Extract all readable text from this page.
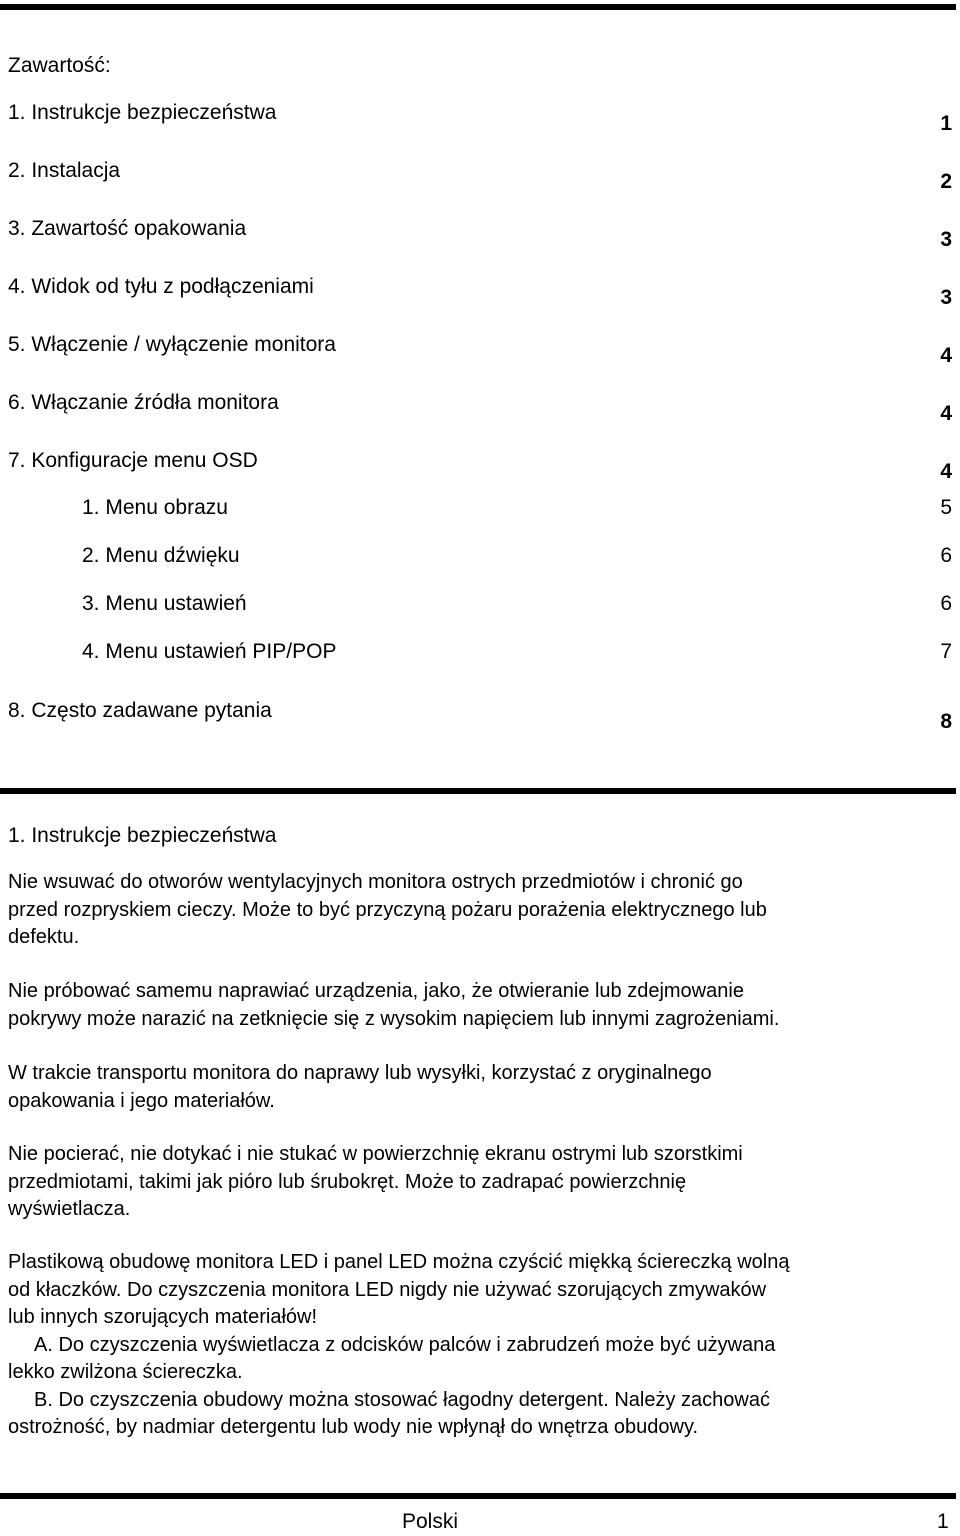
Zawartość:
1. Instrukcje bezpieczeństwa	1
2. Instalacja	2
3. Zawartość opakowania	3
4. Widok od tyłu z podłączeniami	3
5. Włączenie / wyłączenie monitora	4
6. Włączanie źródła monitora	4
7. Konfiguracje menu OSD	4
1. Menu obrazu	5
2. Menu dźwięku	6
3. Menu ustawień	6
4. Menu ustawień PIP/POP	7
8. Często zadawane pytania	8
1. Instrukcje bezpieczeństwa
Nie wsuwać do otworów wentylacyjnych monitora ostrych przedmiotów i chronić go
przed rozpryskiem cieczy. Może to być przyczyną pożaru porażenia elektrycznego lub
defektu.
Nie próbować samemu naprawiać urządzenia, jako, że otwieranie lub zdejmowanie
pokrywy może narazić na zetknięcie się z wysokim napięciem lub innymi zagrożeniami.
W trakcie transportu monitora do naprawy lub wysyłki, korzystać z oryginalnego
opakowania i jego materiałów.
Nie pocierać, nie dotykać i nie stukać w powierzchnię ekranu ostrymi lub szorstkimi
przedmiotami, takimi jak pióro lub śrubokręt. Może to zadrapać powierzchnię
wyświetlacza.
Plastikową obudowę monitora LED i panel LED można czyścić miękką ściereczką wolną
od kłaczków. Do czyszczenia monitora LED nigdy nie używać szorujących zmywaków
lub innych szorujących materiałów!
A. Do czyszczenia wyświetlacza z odcisków palców i zabrudzeń może być używana
lekko zwilżona ściereczka.
B. Do czyszczenia obudowy można stosować łagodny detergent. Należy zachować
ostrożność, by nadmiar detergentu lub wody nie wpłynął do wnętrza obudowy.
Polski	1
